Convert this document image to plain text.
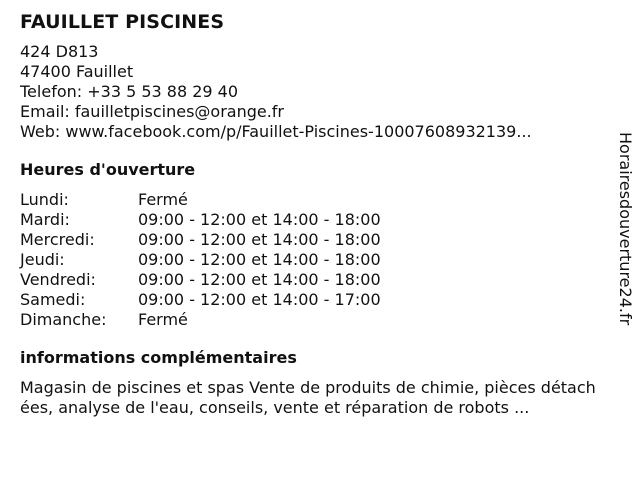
FAUILLET PISCINES
424 D813
47400 Fauillet
Telefon: +33 5 53 88 29 40
Email: fauilletpiscines@orange.fr
Web: www.facebook.com/p/Fauillet-Piscines-10007608932139...
Heures d'ouverture
Lundi:	Fermé
Mardi:	09:00 - 12:00 et 14:00 - 18:00
Mercredi:	09:00 - 12:00 et 14:00 - 18:00
Jeudi:	09:00 - 12:00 et 14:00 - 18:00
Vendredi:	09:00 - 12:00 et 14:00 - 18:00
Samedi:	09:00 - 12:00 et 14:00 - 17:00
Dimanche:	Fermé
informations complémentaires
Magasin de piscines et spas Vente de produits de chimie, pièces détachées, analyse de l'eau, conseils, vente et réparation de robots ...
Horairesdouverture24.fr
